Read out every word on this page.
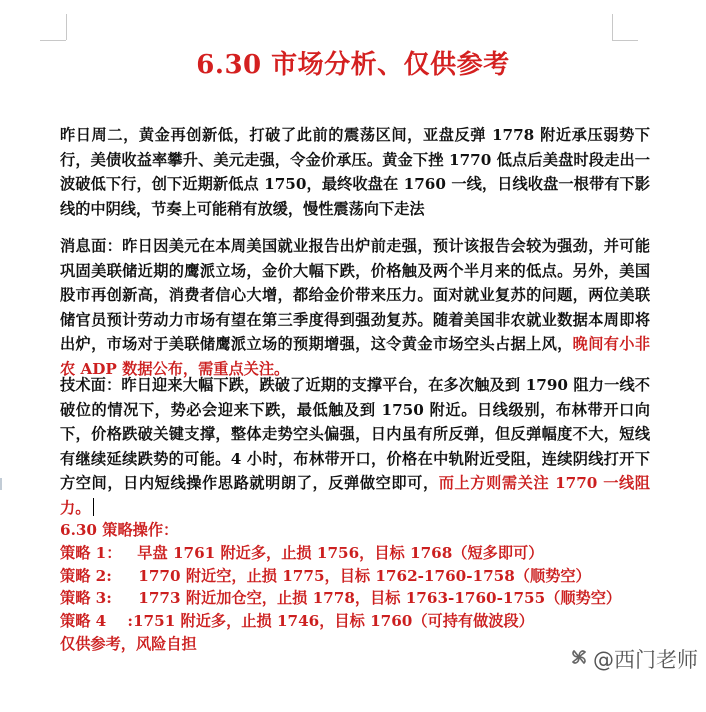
6.30 市场分析、仅供参考
昨日周二，黄金再创新低，打破了此前的震荡区间，亚盘反弹 1778 附近承压弱势下行，美债收益率攀升、美元走强，令金价承压。黄金下挫 1770 低点后美盘时段走出一波破低下行，创下近期新低点 1750，最终收盘在 1760 一线，日线收盘一根带有下影线的中阴线，节奏上可能稍有放缓，慢性震荡向下走法
消息面：昨日因美元在本周美国就业报告出炉前走强，预计该报告会较为强劲，并可能巩固美联储近期的鹰派立场，金价大幅下跌，价格触及两个半月来的低点。另外，美国股市再创新高，消费者信心大增，都给金价带来压力。面对就业复苏的问题，两位美联储官员预计劳动力市场有望在第三季度得到强劲复苏。随着美国非农就业数据本周即将出炉，市场对于美联储鹰派立场的预期增强，这令黄金市场空头占据上风，晚间有小非农 ADP 数据公布，需重点关注。
技术面：昨日迎来大幅下跌，跌破了近期的支撑平台，在多次触及到 1790 阻力一线不破位的情况下，势必会迎来下跌，最低触及到 1750 附近。日线级别，布林带开口向下，价格跌破关键支撑，整体走势空头偏强，日内虽有所反弹，但反弹幅度不大，短线有继续延续跌势的可能。4 小时，布林带开口，价格在中轨附近受阻，连续阴线打开下方空间，日内短线操作思路就明朗了，反弹做空即可，而上方则需关注 1770 一线阻力。
6.30 策略操作：
策略 1：   早盘 1761 附近多，止损 1756，目标 1768（短多即可）
策略 2:     1770 附近空，止损 1775，目标 1762-1760-1758（顺势空）
策略 3:     1773 附近加仓空，止损 1778，目标 1763-1760-1755（顺势空）
策略 4    :1751 附近多，止损 1746，目标 1760（可持有做波段）
仅供参考，风险自担
@西门老师
